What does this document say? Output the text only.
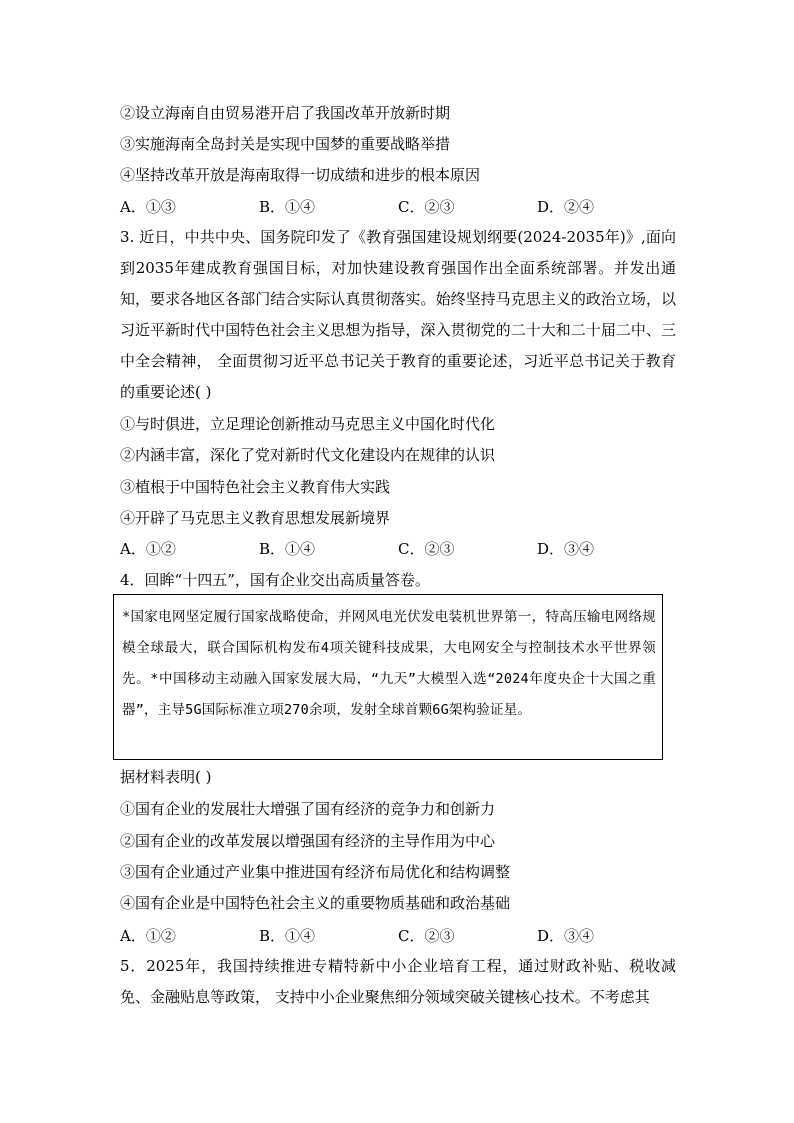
②设立海南自由贸易港开启了我国改革开放新时期
③实施海南全岛封关是实现中国梦的重要战略举措
④坚持改革开放是海南取得一切成绩和进步的根本原因
A．①③	B．①④	C．②③	D．②④
3. 近日，中共中央、国务院印发了《教育强国建设规划纲要(2024-2035年)》,面向到2035年建成教育强国目标，对加快建设教育强国作出全面系统部署。并发出通知，要求各地区各部门结合实际认真贯彻落实。始终坚持马克思主义的政治立场，以习近平新时代中国特色社会主义思想为指导，深入贯彻党的二十大和二十届二中、三中全会精神， 全面贯彻习近平总书记关于教育的重要论述，习近平总书记关于教育的重要论述( )
①与时俱进，立足理论创新推动马克思主义中国化时代化
②内涵丰富，深化了党对新时代文化建设内在规律的认识
③植根于中国特色社会主义教育伟大实践
④开辟了马克思主义教育思想发展新境界
A．①②	B．①④	C．②③	D．③④
4．回眸“十四五”，国有企业交出高质量答卷。
*国家电网坚定履行国家战略使命，并网风电光伏发电装机世界第一，特高压输电网络规模全球最大，联合国际机构发布4项关键科技成果，大电网安全与控制技术水平世界领先。*中国移动主动融入国家发展大局，“九天”大模型入选“2024年度央企十大国之重器”，主导5G国际标准立项270余项，发射全球首颗6G架构验证星。
据材料表明( )
①国有企业的发展壮大增强了国有经济的竞争力和创新力
②国有企业的改革发展以增强国有经济的主导作用为中心
③国有企业通过产业集中推进国有经济布局优化和结构调整
④国有企业是中国特色社会主义的重要物质基础和政治基础
A．①②	B．①④	C．②③	D．③④
5．2025年，我国持续推进专精特新中小企业培育工程，通过财政补贴、税收减免、金融贴息等政策， 支持中小企业聚焦细分领域突破关键核心技术。不考虑其
